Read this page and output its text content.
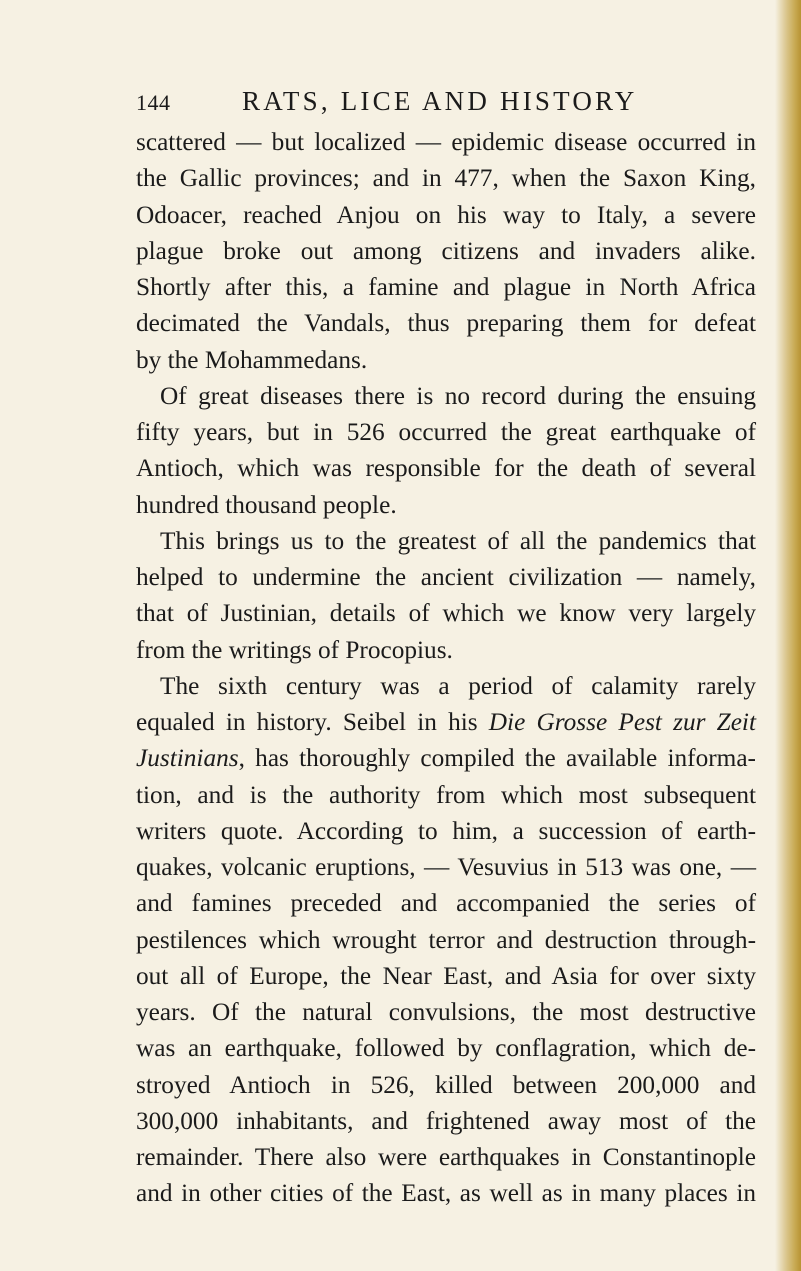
144	RATS, LICE AND HISTORY
scattered — but localized — epidemic disease occurred in
the Gallic provinces; and in 477, when the Saxon King,
Odoacer, reached Anjou on his way to Italy, a severe
plague broke out among citizens and invaders alike.
Shortly after this, a famine and plague in North Africa
decimated the Vandals, thus preparing them for defeat
by the Mohammedans.
Of great diseases there is no record during the ensuing
fifty years, but in 526 occurred the great earthquake of
Antioch, which was responsible for the death of several
hundred thousand people.
This brings us to the greatest of all the pandemics that
helped to undermine the ancient civilization — namely,
that of Justinian, details of which we know very largely
from the writings of Procopius.
The sixth century was a period of calamity rarely
equaled in history. Seibel in his Die Grosse Pest zur Zeit
Justinians, has thoroughly compiled the available informa-
tion, and is the authority from which most subsequent
writers quote. According to him, a succession of earth-
quakes, volcanic eruptions, — Vesuvius in 513 was one, —
and famines preceded and accompanied the series of
pestilences which wrought terror and destruction through-
out all of Europe, the Near East, and Asia for over sixty
years. Of the natural convulsions, the most destructive
was an earthquake, followed by conflagration, which de-
stroyed Antioch in 526, killed between 200,000 and
300,000 inhabitants, and frightened away most of the
remainder. There also were earthquakes in Constantinople
and in other cities of the East, as well as in many places in
